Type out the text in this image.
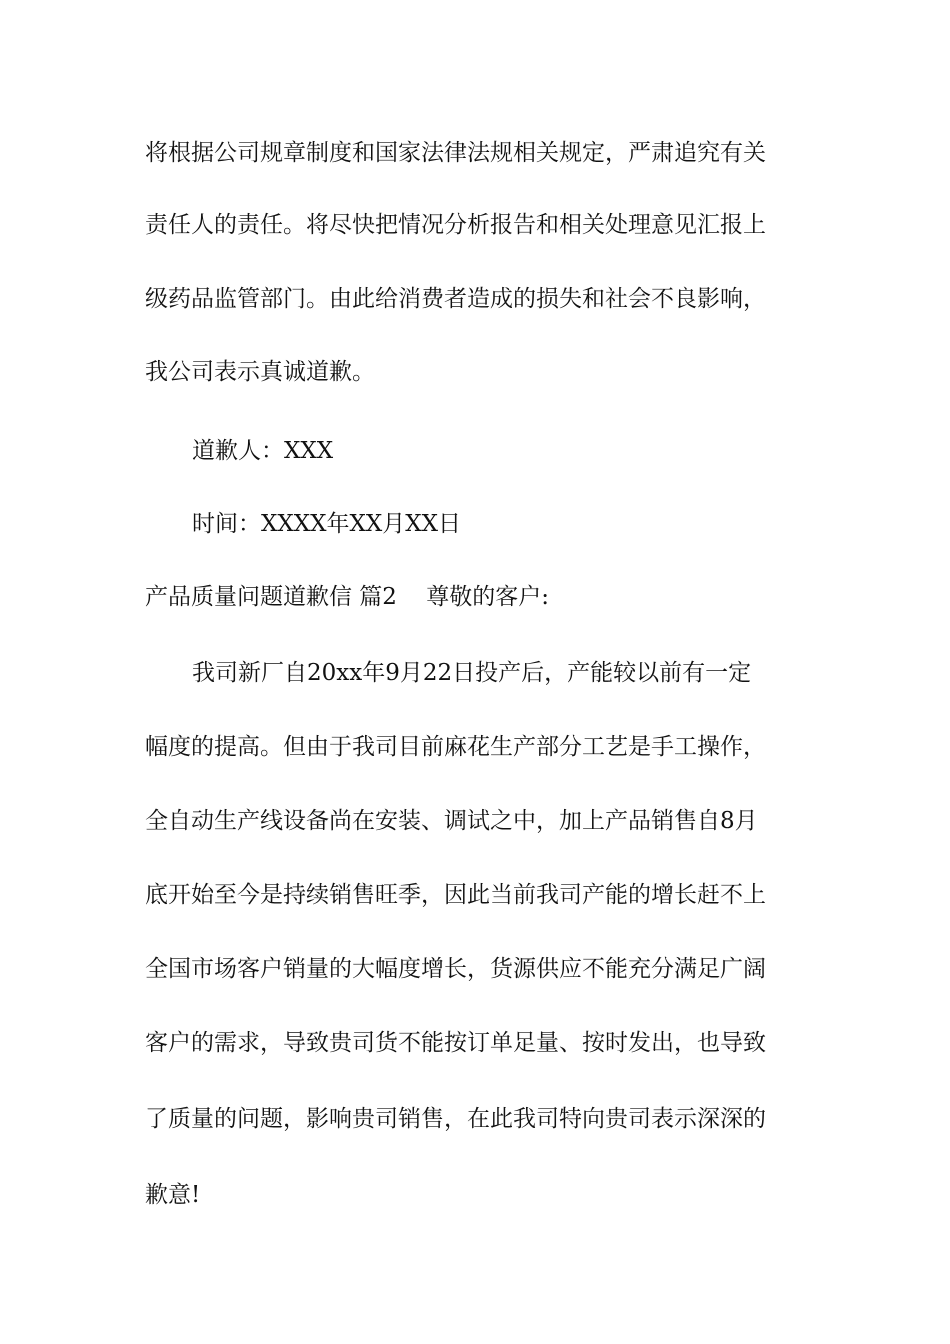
将根据公司规章制度和国家法律法规相关规定，严肃追究有关
责任人的责任。将尽快把情况分析报告和相关处理意见汇报上
级药品监管部门。由此给消费者造成的损失和社会不良影响，
我公司表示真诚道歉。
道歉人：XXX
时间：XXXX年XX月XX日
产品质量问题道歉信 篇2    尊敬的客户:
我司新厂自20xx年9月22日投产后，产能较以前有一定
幅度的提高。但由于我司目前麻花生产部分工艺是手工操作，
全自动生产线设备尚在安装、调试之中，加上产品销售自8月
底开始至今是持续销售旺季，因此当前我司产能的增长赶不上
全国市场客户销量的大幅度增长，货源供应不能充分满足广阔
客户的需求，导致贵司货不能按订单足量、按时发出，也导致
了质量的问题，影响贵司销售，在此我司特向贵司表示深深的
歉意!
